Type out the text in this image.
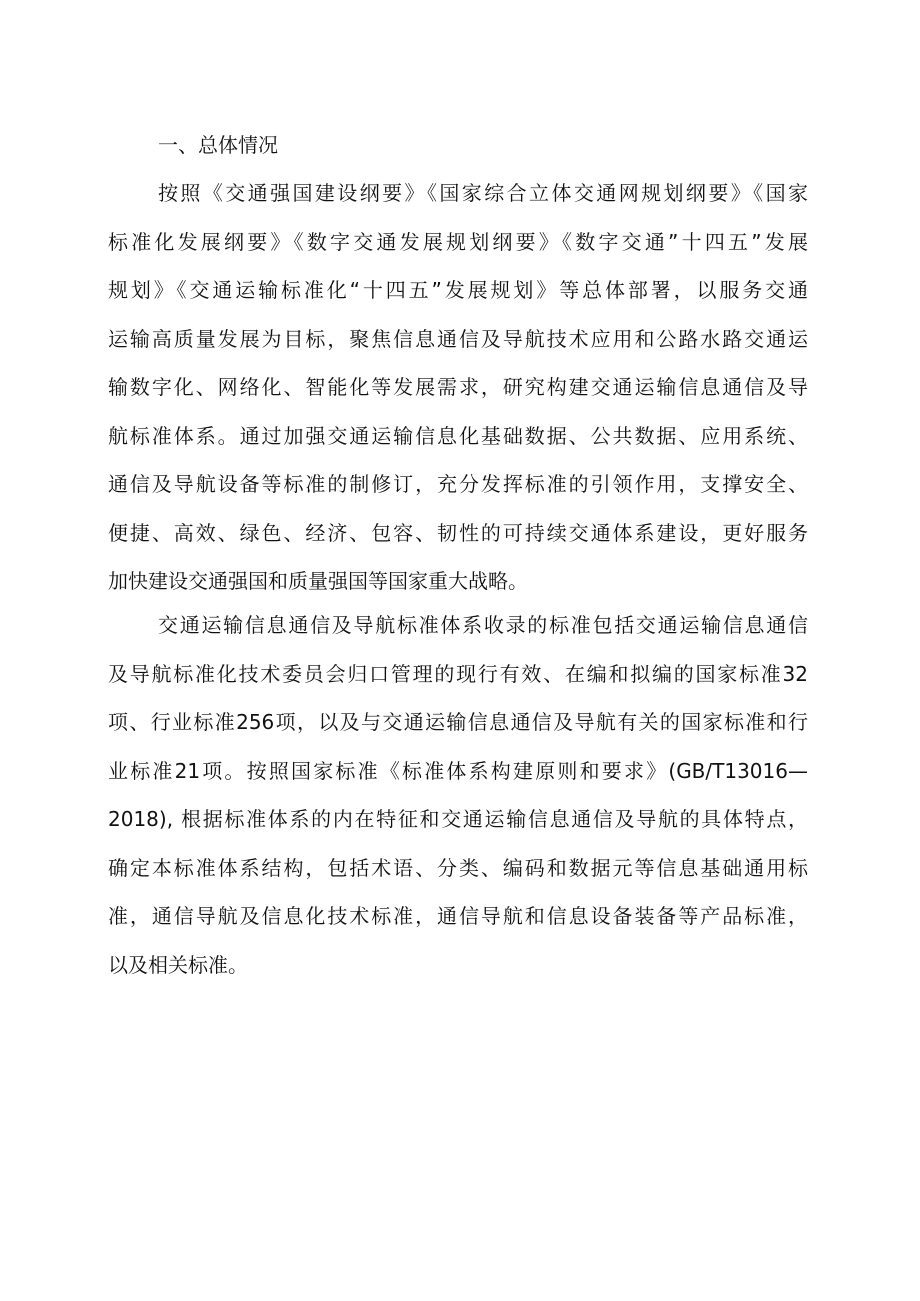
一、总体情况
按照《交通强国建设纲要》《国家综合立体交通网规划纲要》《国家
标准化发展纲要》《数字交通发展规划纲要》《数字交通”十四五”发展
规划》《交通运输标准化“十四五”发展规划》等总体部署，以服务交通
运输高质量发展为目标，聚焦信息通信及导航技术应用和公路水路交通运
输数字化、网络化、智能化等发展需求，研究构建交通运输信息通信及导
航标准体系。通过加强交通运输信息化基础数据、公共数据、应用系统、
通信及导航设备等标准的制修订，充分发挥标准的引领作用，支撑安全、
便捷、高效、绿色、经济、包容、韧性的可持续交通体系建设，更好服务
加快建设交通强国和质量强国等国家重大战略。
交通运输信息通信及导航标准体系收录的标准包括交通运输信息通信
及导航标准化技术委员会归口管理的现行有效、在编和拟编的国家标准32
项、行业标准256项，以及与交通运输信息通信及导航有关的国家标准和行
业标准21项。按照国家标准《标准体系构建原则和要求》(GB/T13016—
2018), 根据标准体系的内在特征和交通运输信息通信及导航的具体特点，
确定本标准体系结构，包括术语、分类、编码和数据元等信息基础通用标
准，通信导航及信息化技术标准，通信导航和信息设备装备等产品标准，
以及相关标准。
